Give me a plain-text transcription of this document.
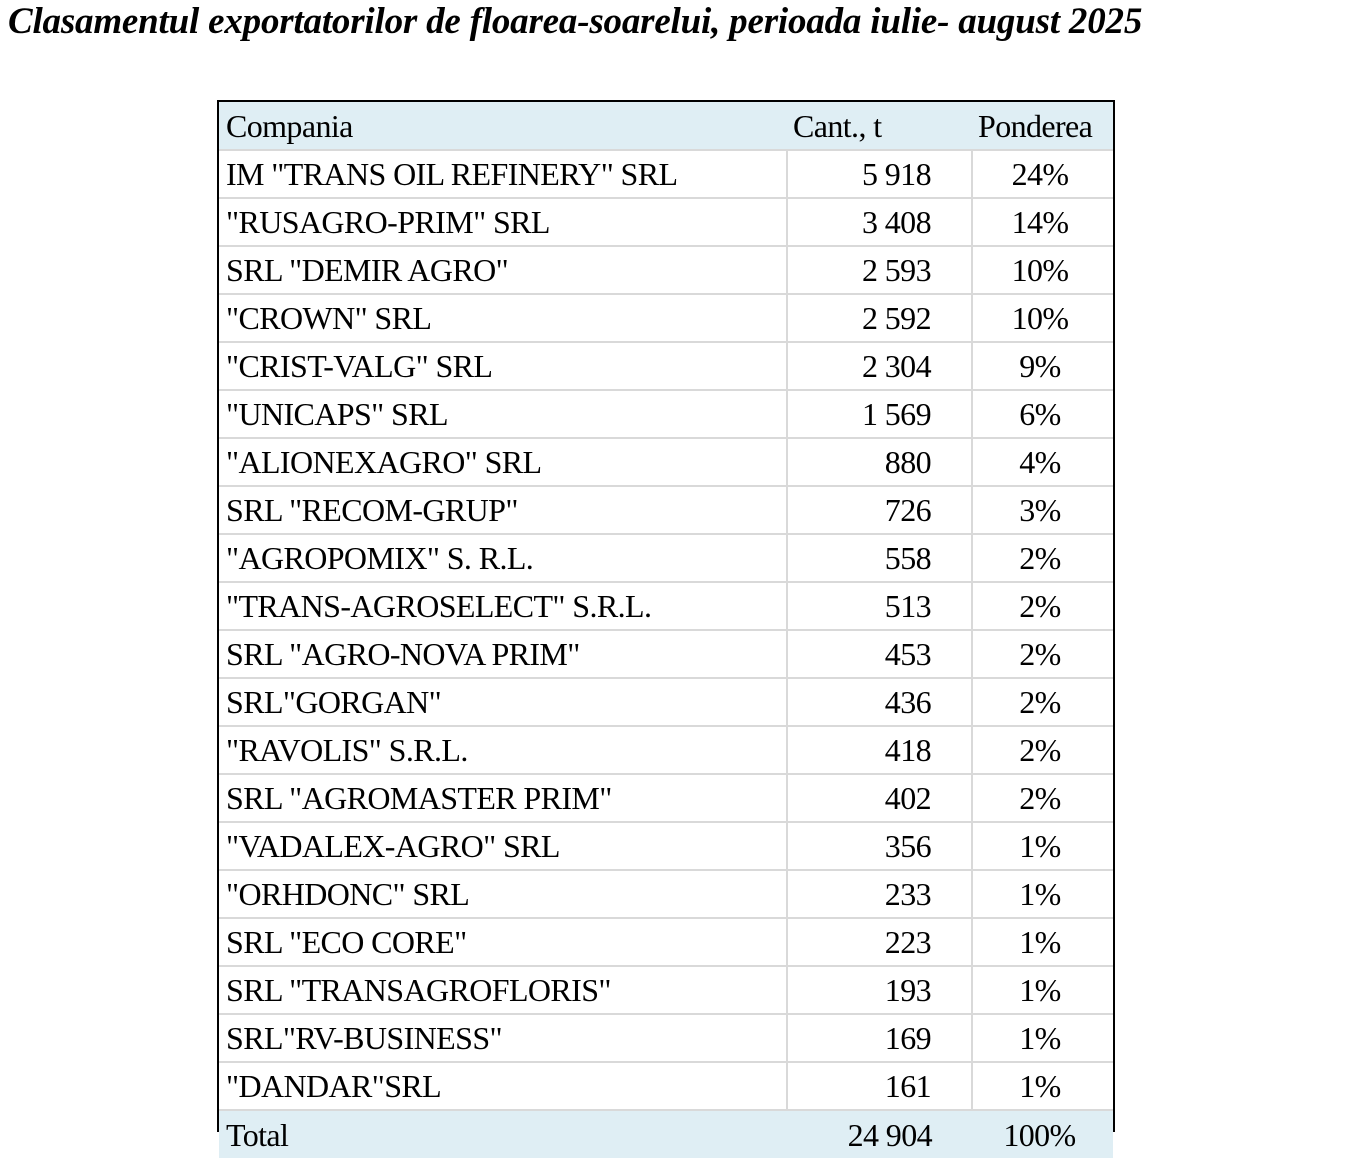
Clasamentul exportatorilor de floarea-soarelui, perioada iulie- august 2025
Compania	Cant., t	Ponderea
IM "TRANS OIL REFINERY" SRL	5 918	24%
"RUSAGRO-PRIM" SRL	3 408	14%
SRL "DEMIR AGRO"	2 593	10%
"CROWN" SRL	2 592	10%
"CRIST-VALG" SRL	2 304	9%
"UNICAPS" SRL	1 569	6%
"ALIONEXAGRO" SRL	880	4%
SRL "RECOM-GRUP"	726	3%
"AGROPOMIX" S. R.L.	558	2%
"TRANS-AGROSELECT" S.R.L.	513	2%
SRL "AGRO-NOVA PRIM"	453	2%
SRL"GORGAN"	436	2%
"RAVOLIS" S.R.L.	418	2%
SRL "AGROMASTER PRIM"	402	2%
"VADALEX-AGRO" SRL	356	1%
"ORHDONC" SRL	233	1%
SRL "ECO CORE"	223	1%
SRL "TRANSAGROFLORIS"	193	1%
SRL"RV-BUSINESS"	169	1%
"DANDAR"SRL	161	1%
Total	24 904	100%
